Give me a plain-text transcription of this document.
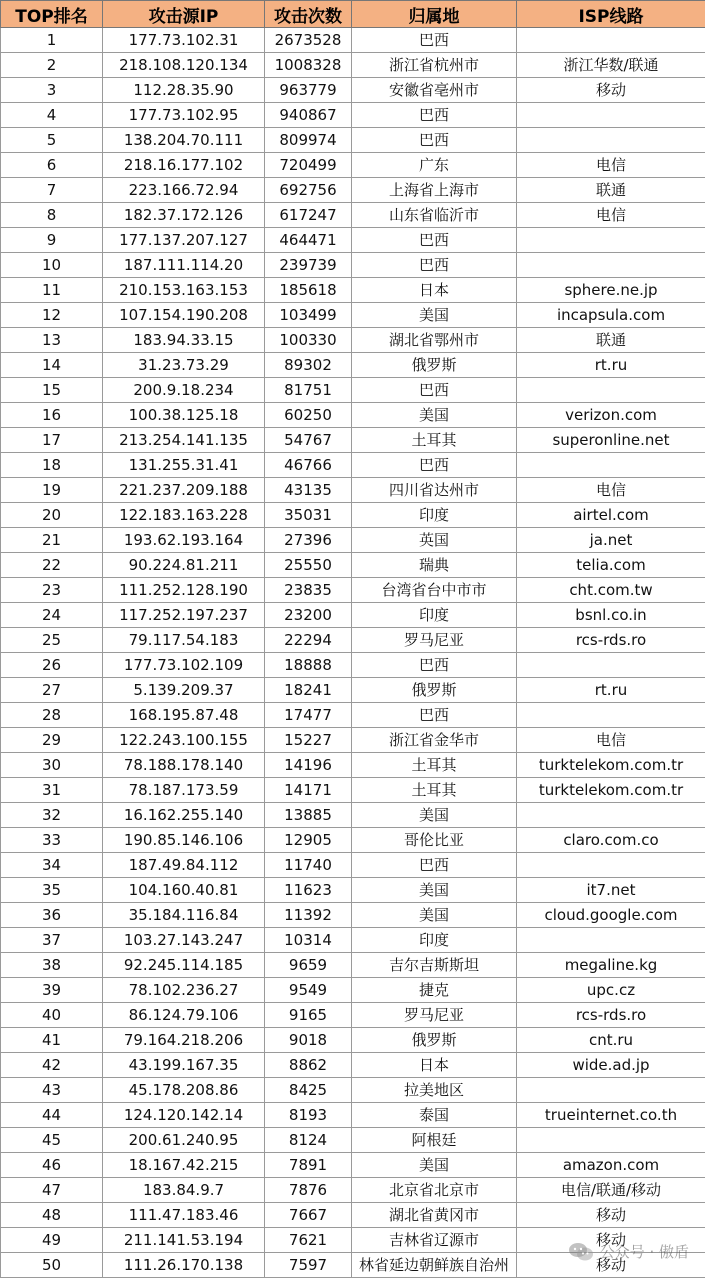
TOP排名	攻击源IP	攻击次数	归属地	ISP线路
1	177.73.102.31	2673528	巴西	
2	218.108.120.134	1008328	浙江省杭州市	浙江华数/联通
3	112.28.35.90	963779	安徽省亳州市	移动
4	177.73.102.95	940867	巴西	
5	138.204.70.111	809974	巴西	
6	218.16.177.102	720499	广东	电信
7	223.166.72.94	692756	上海省上海市	联通
8	182.37.172.126	617247	山东省临沂市	电信
9	177.137.207.127	464471	巴西	
10	187.111.114.20	239739	巴西	
11	210.153.163.153	185618	日本	sphere.ne.jp
12	107.154.190.208	103499	美国	incapsula.com
13	183.94.33.15	100330	湖北省鄂州市	联通
14	31.23.73.29	89302	俄罗斯	rt.ru
15	200.9.18.234	81751	巴西	
16	100.38.125.18	60250	美国	verizon.com
17	213.254.141.135	54767	土耳其	superonline.net
18	131.255.31.41	46766	巴西	
19	221.237.209.188	43135	四川省达州市	电信
20	122.183.163.228	35031	印度	airtel.com
21	193.62.193.164	27396	英国	ja.net
22	90.224.81.211	25550	瑞典	telia.com
23	111.252.128.190	23835	台湾省台中市市	cht.com.tw
24	117.252.197.237	23200	印度	bsnl.co.in
25	79.117.54.183	22294	罗马尼亚	rcs-rds.ro
26	177.73.102.109	18888	巴西	
27	5.139.209.37	18241	俄罗斯	rt.ru
28	168.195.87.48	17477	巴西	
29	122.243.100.155	15227	浙江省金华市	电信
30	78.188.178.140	14196	土耳其	turktelekom.com.tr
31	78.187.173.59	14171	土耳其	turktelekom.com.tr
32	16.162.255.140	13885	美国	
33	190.85.146.106	12905	哥伦比亚	claro.com.co
34	187.49.84.112	11740	巴西	
35	104.160.40.81	11623	美国	it7.net
36	35.184.116.84	11392	美国	cloud.google.com
37	103.27.143.247	10314	印度	
38	92.245.114.185	9659	吉尔吉斯斯坦	megaline.kg
39	78.102.236.27	9549	捷克	upc.cz
40	86.124.79.106	9165	罗马尼亚	rcs-rds.ro
41	79.164.218.206	9018	俄罗斯	cnt.ru
42	43.199.167.35	8862	日本	wide.ad.jp
43	45.178.208.86	8425	拉美地区	
44	124.120.142.14	8193	泰国	trueinternet.co.th
45	200.61.240.95	8124	阿根廷	
46	18.167.42.215	7891	美国	amazon.com
47	183.84.9.7	7876	北京省北京市	电信/联通/移动
48	111.47.183.46	7667	湖北省黄冈市	移动
49	211.141.53.194	7621	吉林省辽源市	移动
50	111.26.170.138	7597	林省延边朝鲜族自治州	移动
公众号 · 傲盾
